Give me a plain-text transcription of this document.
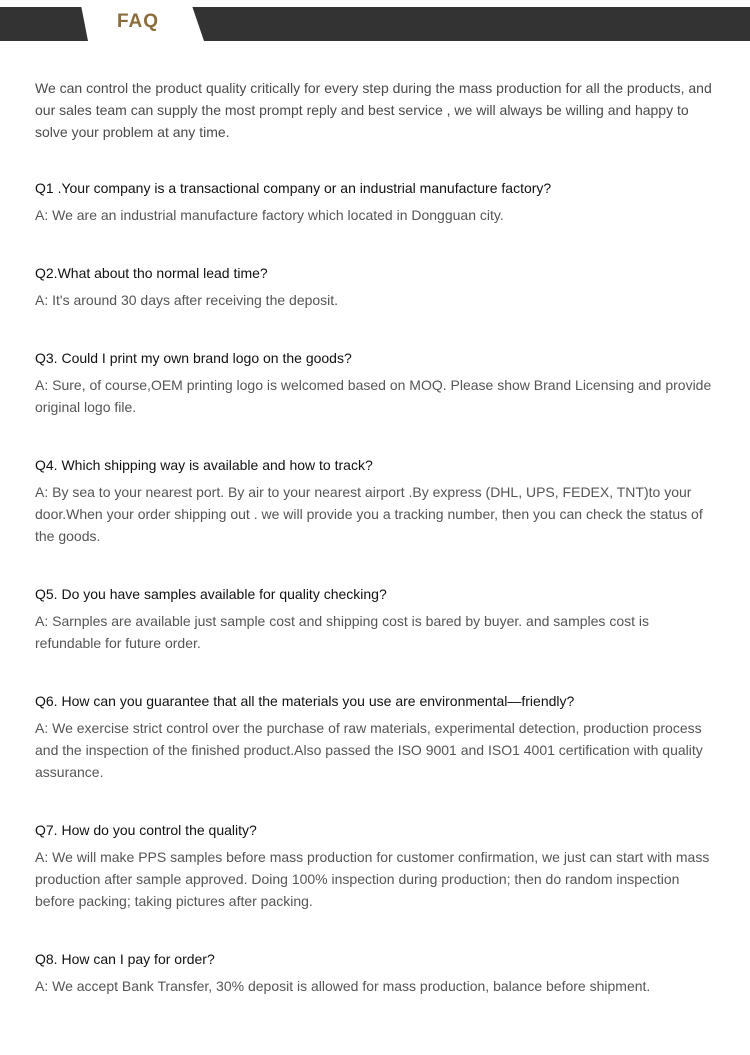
FAQ

We can control the product quality critically for every step during the mass production for all the products, and our sales team can supply the most prompt reply and best service , we will always be willing and happy to solve your problem at any time.

Q1 .Your company is a transactional company or an industrial manufacture factory?

A: We are an industrial manufacture factory which located in Dongguan city.

Q2.What about tho normal lead time?

A: It's around 30 days after receiving the deposit.

Q3. Could I print my own brand logo on the goods?

A: Sure, of course,OEM printing logo is welcomed based on MOQ. Please show Brand Licensing and provide original logo file.

Q4. Which shipping way is available and how to track?

A: By sea to your nearest port. By air to your nearest airport .By express (DHL, UPS, FEDEX, TNT)to your door.When your order shipping out . we will provide you a tracking number, then you can check the status of the goods.

Q5. Do you have samples available for quality checking?

A: Sarnples are available just sample cost and shipping cost is bared by buyer. and samples cost is refundable for future order.

Q6. How can you guarantee that all the materials you use are environmental—friendly?

A: We exercise strict control over the purchase of raw materials, experimental detection, production process and the inspection of the finished product.Also passed the ISO 9001 and ISO1 4001 certification with quality assurance.

Q7. How do you control the quality?

A: We will make PPS samples before mass production for customer confirmation, we just can start with mass production after sample approved. Doing 100% inspection during production; then do random inspection before packing; taking pictures after packing.

Q8. How can I pay for order?

A: We accept Bank Transfer, 30% deposit is allowed for mass production, balance before shipment.
